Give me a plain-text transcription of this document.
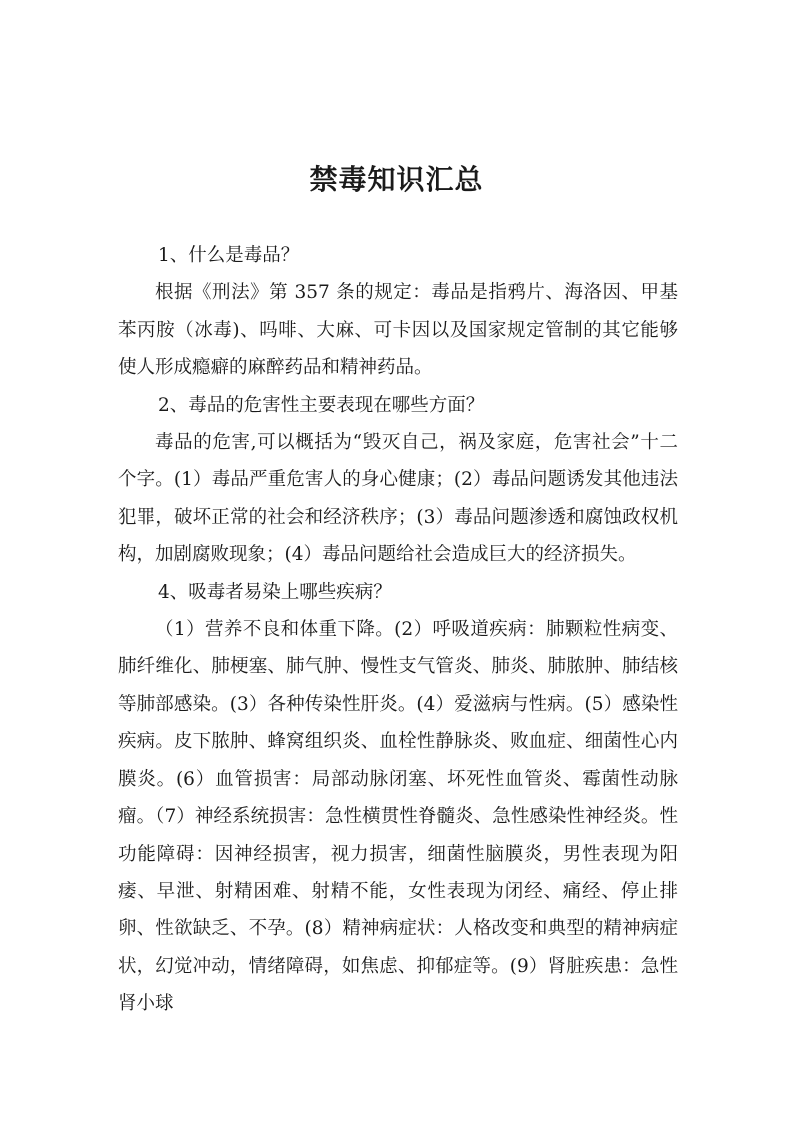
禁毒知识汇总

1、什么是毒品？

根据《刑法》第 357 条的规定：毒品是指鸦片、海洛因、甲基苯丙胺（冰毒)、吗啡、大麻、可卡因以及国家规定管制的其它能够使人形成瘾癖的麻醉药品和精神药品。

2、毒品的危害性主要表现在哪些方面？

毒品的危害,可以概括为“毁灭自己，祸及家庭，危害社会”十二个字。(1）毒品严重危害人的身心健康；(2）毒品问题诱发其他违法犯罪，破坏正常的社会和经济秩序；(3）毒品问题渗透和腐蚀政权机构，加剧腐败现象；(4）毒品问题给社会造成巨大的经济损失。

4、吸毒者易染上哪些疾病？

（1）营养不良和体重下降。(2）呼吸道疾病：肺颗粒性病变、肺纤维化、肺梗塞、肺气肿、慢性支气管炎、肺炎、肺脓肿、肺结核等肺部感染。(3）各种传染性肝炎。(4）爱滋病与性病。(5）感染性疾病。皮下脓肿、蜂窝组织炎、血栓性静脉炎、败血症、细菌性心内膜炎。(6）血管损害：局部动脉闭塞、坏死性血管炎、霉菌性动脉瘤。（7）神经系统损害：急性横贯性脊髓炎、急性感染性神经炎。性功能障碍：因神经损害，视力损害，细菌性脑膜炎，男性表现为阳痿、早泄、射精困难、射精不能，女性表现为闭经、痛经、停止排卵、性欲缺乏、不孕。(8）精神病症状：人格改变和典型的精神病症状，幻觉冲动，情绪障碍，如焦虑、抑郁症等。(9）肾脏疾患：急性肾小球
